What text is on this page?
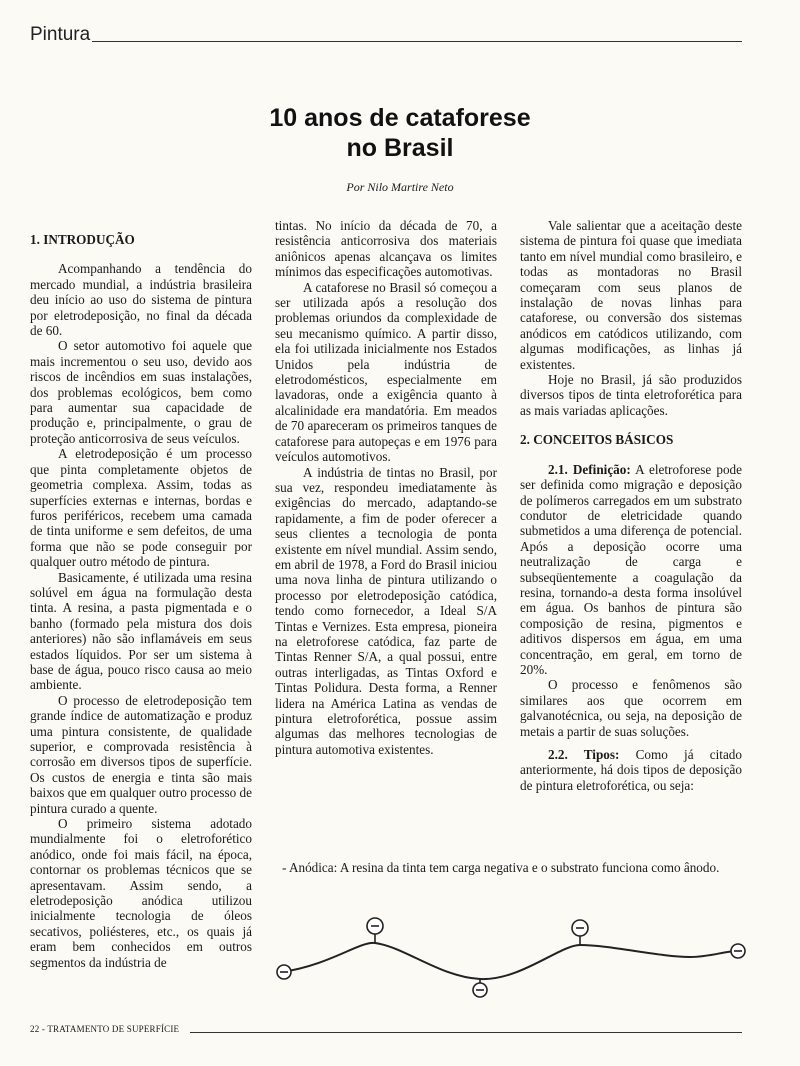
Pintura
10 anos de cataforese
no Brasil
Por Nilo Martire Neto
1. INTRODUÇÃO

Acompanhando a tendência do mercado mundial, a indústria brasileira deu início ao uso do sistema de pintura por eletrodeposição, no final da década de 60.

O setor automotivo foi aquele que mais incrementou o seu uso, devido aos riscos de incêndios em suas instalações, dos problemas ecológicos, bem como para aumentar sua capacidade de produção e, principalmente, o grau de proteção anticorrosiva de seus veículos.

A eletrodeposição é um processo que pinta completamente objetos de geometria complexa. Assim, todas as superfícies externas e internas, bordas e furos periféricos, recebem uma camada de tinta uniforme e sem defeitos, de uma forma que não se pode conseguir por qualquer outro método de pintura.

Basicamente, é utilizada uma resina solúvel em água na formulação desta tinta. A resina, a pasta pigmentada e o banho (formado pela mistura dos dois anteriores) não são inflamáveis em seus estados líquidos. Por ser um sistema à base de água, pouco risco causa ao meio ambiente.

O processo de eletrodeposição tem grande índice de automatização e produz uma pintura consistente, de qualidade superior, e comprovada resistência à corrosão em diversos tipos de superfície. Os custos de energia e tinta são mais baixos que em qualquer outro processo de pintura curado a quente.

O primeiro sistema adotado mundialmente foi o eletroforético anódico, onde foi mais fácil, na época, contornar os problemas técnicos que se apresentavam. Assim sendo, a eletrodeposição anódica utilizou inicialmente tecnologia de óleos secativos, poliésteres, etc., os quais já eram bem conhecidos em outros segmentos da indústria de

tintas. No início da década de 70, a resistência anticorrosiva dos materiais aniônicos apenas alcançava os limites mínimos das especificações automotivas.

A cataforese no Brasil só começou a ser utilizada após a resolução dos problemas oriundos da complexidade de seu mecanismo químico. A partir disso, ela foi utilizada inicialmente nos Estados Unidos pela indústria de eletrodomésticos, especialmente em lavadoras, onde a exigência quanto à alcalinidade era mandatória. Em meados de 70 apareceram os primeiros tanques de cataforese para autopeças e em 1976 para veículos automotivos.

A indústria de tintas no Brasil, por sua vez, respondeu imediatamente às exigências do mercado, adaptando-se rapidamente, a fim de poder oferecer a seus clientes a tecnologia de ponta existente em nível mundial. Assim sendo, em abril de 1978, a Ford do Brasil iniciou uma nova linha de pintura utilizando o processo por eletrodeposição catódica, tendo como fornecedor, a Ideal S/A Tintas e Vernizes. Esta empresa, pioneira na eletroforese catódica, faz parte de Tintas Renner S/A, a qual possui, entre outras interligadas, as Tintas Oxford e Tintas Polidura. Desta forma, a Renner lidera na América Latina as vendas de pintura eletroforética, possue assim algumas das melhores tecnologias de pintura automotiva existentes.

Vale salientar que a aceitação deste sistema de pintura foi quase que imediata tanto em nível mundial como brasileiro, e todas as montadoras no Brasil começaram com seus planos de instalação de novas linhas para cataforese, ou conversão dos sistemas anódicos em catódicos utilizando, com algumas modificações, as linhas já existentes.

Hoje no Brasil, já são produzidos diversos tipos de tinta eletroforética para as mais variadas aplicações.

2. CONCEITOS BÁSICOS

2.1. Definição: A eletroforese pode ser definida como migração e deposição de polímeros carregados em um substrato condutor de eletricidade quando submetidos a uma diferença de potencial. Após a deposição ocorre uma neutralização de carga e subseqüentemente a coagulação da resina, tornando-a desta forma insolúvel em água. Os banhos de pintura são composição de resina, pigmentos e aditivos dispersos em água, em uma concentração, em geral, em torno de 20%.

O processo e fenômenos são similares aos que ocorrem em galvanotécnica, ou seja, na deposição de metais a partir de suas soluções.

2.2. Tipos: Como já citado anteriormente, há dois tipos de deposição de pintura eletroforética, ou seja:

- Anódica: A resina da tinta tem carga negativa e o substrato funciona como ânodo.
22 - TRATAMENTO DE SUPERFÍCIE
